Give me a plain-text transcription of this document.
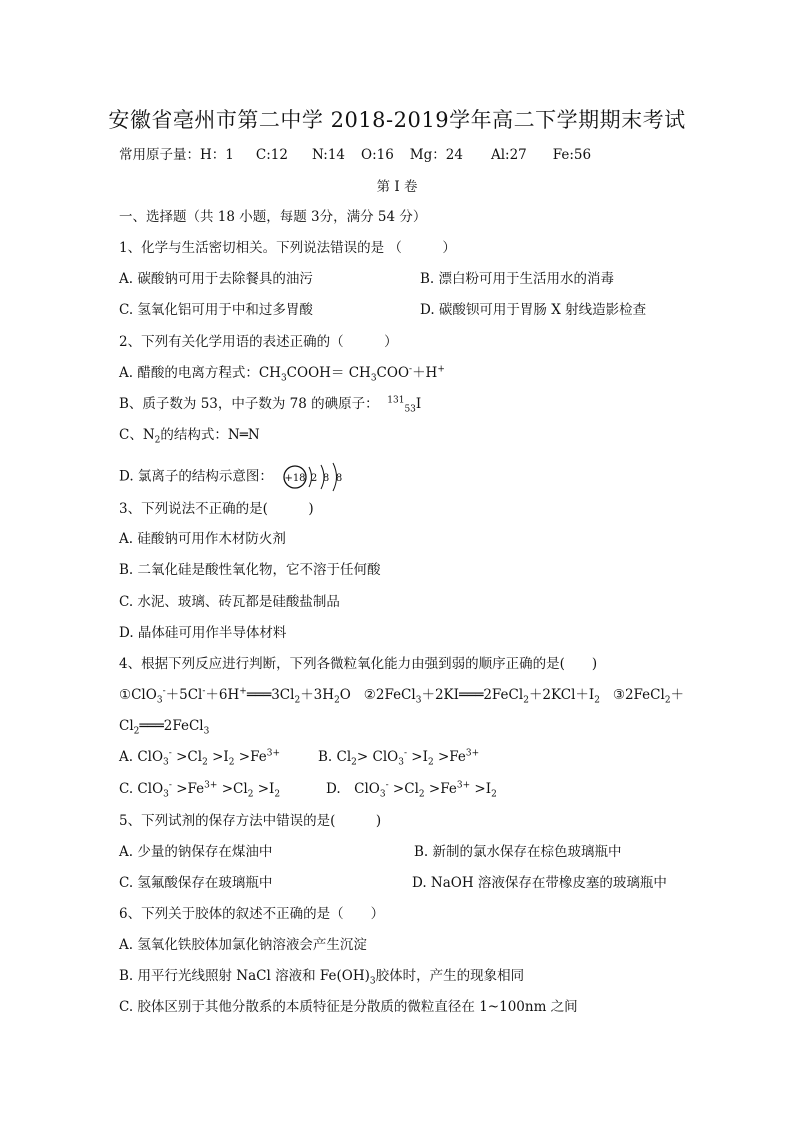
安徽省亳州市第二中学 2018-2019学年高二下学期期末考试
常用原子量：H：1 C:12 N:14 O:16 Mg：24 Al:27 Fe:56
第 Ⅰ 卷
一、选择题（共 18 小题，每题 3分，满分 54 分）
1、化学与生活密切相关。下列说法错误的是 （　　　）
A. 碳酸钠可用于去除餐具的油污	B. 漂白粉可用于生活用水的消毒
C. 氢氧化铝可用于中和过多胃酸	D. 碳酸钡可用于胃肠 X 射线造影检查
2、下列有关化学用语的表述正确的（　　　）
A. 醋酸的电离方程式：$CH_3COOH= CH_3COO^-+H^+$
B、质子数为 53，中子数为 78 的碘原子： $^{131}_{53}$I
C、$N_2$的结构式：N═N
D. 氯离子的结构示意图： +18 2 8 8
3、下列说法不正确的是(　　　)
A. 硅酸钠可用作木材防火剂
B. 二氧化硅是酸性氧化物，它不溶于任何酸
C. 水泥、玻璃、砖瓦都是硅酸盐制品
D. 晶体硅可用作半导体材料
4、根据下列反应进行判断，下列各微粒氧化能力由强到弱的顺序正确的是(　　)
$①ClO_3^-+5Cl^-+6H^+═══3Cl_2+3H_2O$ $②2FeCl_3+2KI═══2FeCl_2+2KCl+I_2$ ③2FeCl$_2$＋
$Cl_2═══2FeCl_3$
A. $ClO_3^- >Cl_2 >I_2 >Fe^{3+}$	B. $Cl_2> ClO_3^- >I_2 >Fe^{3+}$
C. $ClO_3^- >Fe^{3+} >Cl_2 >I_2$	D.　$ClO_3^- >Cl_2 >Fe^{3+} >I_2$
5、下列试剂的保存方法中错误的是(　　　)
A. 少量的钠保存在煤油中	B. 新制的氯水保存在棕色玻璃瓶中
C. 氢氟酸保存在玻璃瓶中	D. NaOH 溶液保存在带橡皮塞的玻璃瓶中
6、下列关于胶体的叙述不正确的是（　　）
A. 氢氧化铁胶体加氯化钠溶液会产生沉淀
B. 用平行光线照射 NaCl 溶液和 $Fe(OH)_3$胶体时，产生的现象相同
C. 胶体区别于其他分散系的本质特征是分散质的微粒直径在 1~100nm 之间
